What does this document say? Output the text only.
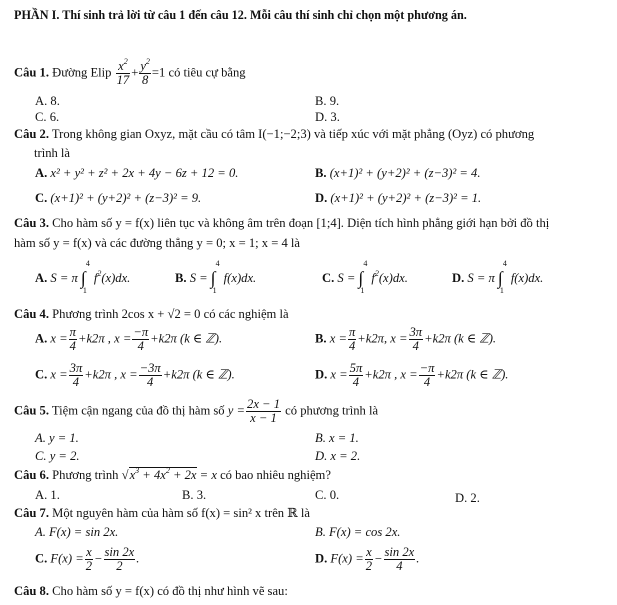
PHẦN I. Thí sinh trả lời từ câu 1 đến câu 12. Mỗi câu thí sinh chỉ chọn một phương án.
Câu 1. Đường Elip $\frac{x^2}{17} + \frac{y^2}{8} =1$ có tiêu cự bằng
A. 8.	B. 9.
C. 6.	D. 3.
Câu 2. Trong không gian Oxyz, mặt cầu có tâm I(−1;−2;3) và tiếp xúc với mặt phẳng (Oyz) có phương
trình là
A. x² + y² + z² + 2x + 4y − 6z + 12 = 0.	B. (x+1)² + (y+2)² + (z−3)² = 4.
C. (x+1)² + (y+2)² + (z−3)² = 9.	D. (x+1)² + (y+2)² + (z−3)² = 1.
Câu 3. Cho hàm số y = f(x) liên tục và không âm trên đoạn [1;4]. Diện tích hình phẳng giới hạn bởi đồ thị
hàm số y = f(x) và các đường thẳng y = 0; x = 1; x = 4 là
A. S = π
4
∫
1
$f^2(x)dx$.	B. S =
4
∫
1
f(x)dx.	C. S =
4
∫
1
$f^2(x)dx$.	D. S = π
4
∫
1
f(x)dx.
Câu 4. Phương trình 2cos x + √2 = 0 có các nghiệm là
A. $x = \frac{\pi}{4} +k2\pi$ , $x = \frac{-\pi}{4} +k2\pi$ (k ∈ ℤ).	B. $x = \frac{\pi}{4} +k2\pi$, $x = \frac{3\pi}{4} +k2\pi$ (k ∈ ℤ).
C. $x = \frac{3\pi}{4} +k2\pi$ , $x = \frac{-3\pi}{4} +k2\pi$ (k ∈ ℤ).	D. $x = \frac{5\pi}{4} +k2\pi$ , $x = \frac{-\pi}{4} +k2\pi$ (k ∈ ℤ).
Câu 5. Tiệm cận ngang của đồ thị hàm số $y = \frac{2x - 1}{x - 1}$ có phương trình là
A. y = 1.	B. x = 1.
C. y = 2.	D. x = 2.
Câu 6. Phương trình $√x^3 + 4x^2 + 2x = x$ có bao nhiêu nghiệm?
A. 1.	B. 3.	C. 0.	D. 2.
Câu 7. Một nguyên hàm của hàm số f(x) = sin² x trên ℝ là
A. F(x) = sin 2x.	B. F(x) = cos 2x.
C. $F(x) = \frac{x}{2} - \frac{\sin 2x}{2}$ .	D. $F(x) = \frac{x}{2} - \frac{\sin 2x}{4}$ .
Câu 8. Cho hàm số y = f(x) có đồ thị như hình vẽ sau:
